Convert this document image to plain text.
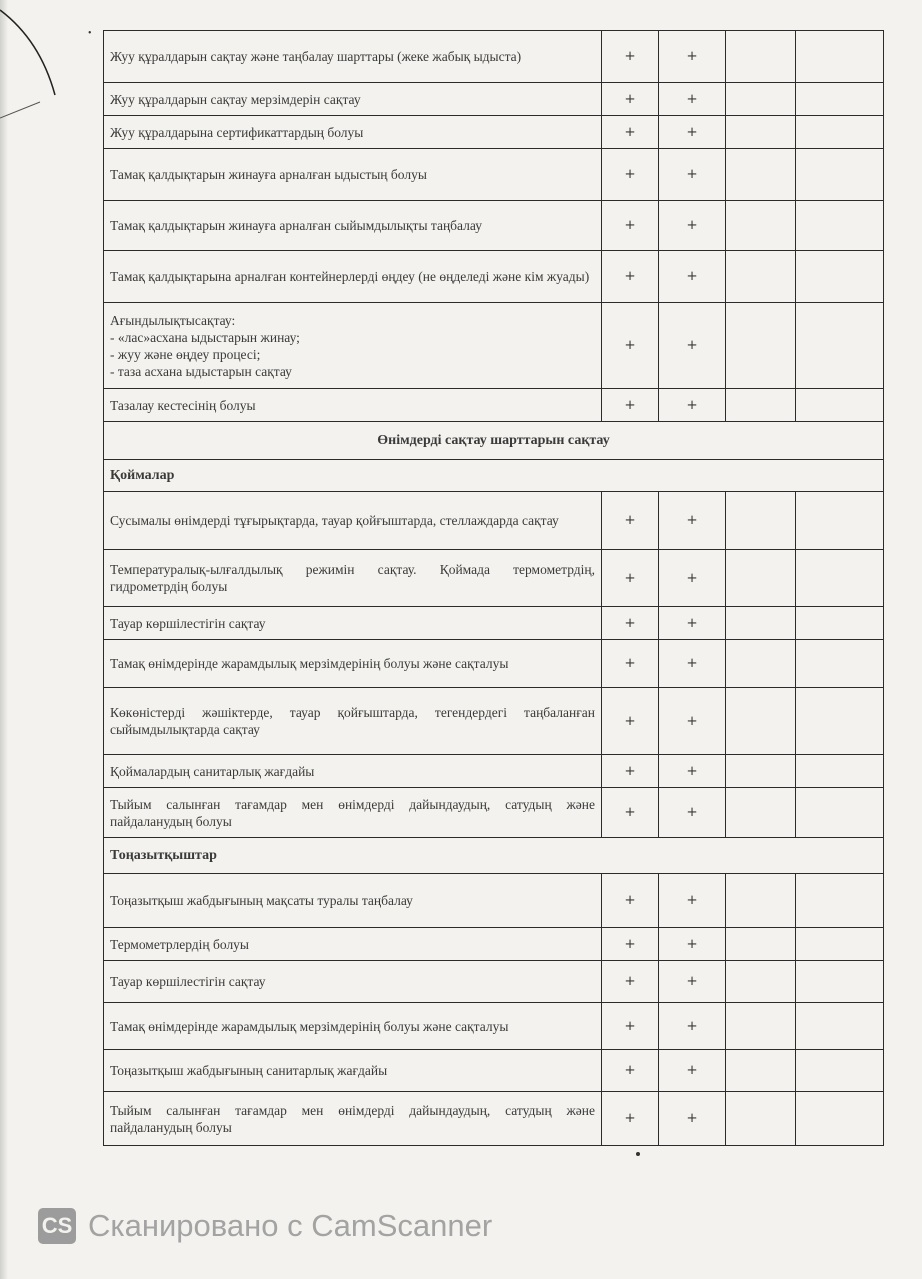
•
Жуу құралдарын сақтау және таңбалау шарттары (жеке жабық ыдыста)	+	+		
Жуу құралдарын сақтау мерзімдерін сақтау	+	+		
Жуу құралдарына сертификаттардың болуы	+	+		
Тамақ қалдықтарын жинауға арналған ыдыстың болуы	+	+		
Тамақ қалдықтарын жинауға арналған сыйымдылықты таңбалау	+	+		
Тамақ қалдықтарына арналған контейнерлерді өңдеу (не өңделеді және кім жуады)	+	+		

Ағындылықтысақтау:
- «лас»асхана ыдыстарын жинау;
- жуу және өңдеу процесі;
- таза асхана ыдыстарын сақтау	+	+		
Тазалау кестесінің болуы	+	+		
Өнімдерді сақтау шарттарын сақтау				
Қоймалар				
Сусымалы өнімдерді тұғырықтарда, тауар қойғыштарда, стеллаждарда сақтау	+	+		
Температуралық-ылғалдылық режимін сақтау. Қоймада термометрдің, гидрометрдің болуы	+	+		
Тауар көршілестігін сақтау	+	+		
Тамақ өнімдерінде жарамдылық мерзімдерінің болуы және сақталуы	+	+		
Көкөністерді жәшіктерде, тауар қойғыштарда, тегендердегі таңбаланған сыйымдылықтарда сақтау	+	+		
Қоймалардың санитарлық жағдайы	+	+		
Тыйым салынған тағамдар мен өнімдерді дайындаудың, сатудың және пайдаланудың болуы	+	+		
Тоңазытқыштар				
Тоңазытқыш жабдығының мақсаты туралы таңбалау	+	+		
Термометрлердің болуы	+	+		
Тауар көршілестігін сақтау	+	+		
Тамақ өнімдерінде жарамдылық мерзімдерінің болуы және сақталуы	+	+		
Тоңазытқыш жабдығының санитарлық жағдайы	+	+		
Тыйым салынған тағамдар мен өнімдерді дайындаудың, сатудың және пайдаланудың болуы	+	+		
CS Сканировано с CamScanner
